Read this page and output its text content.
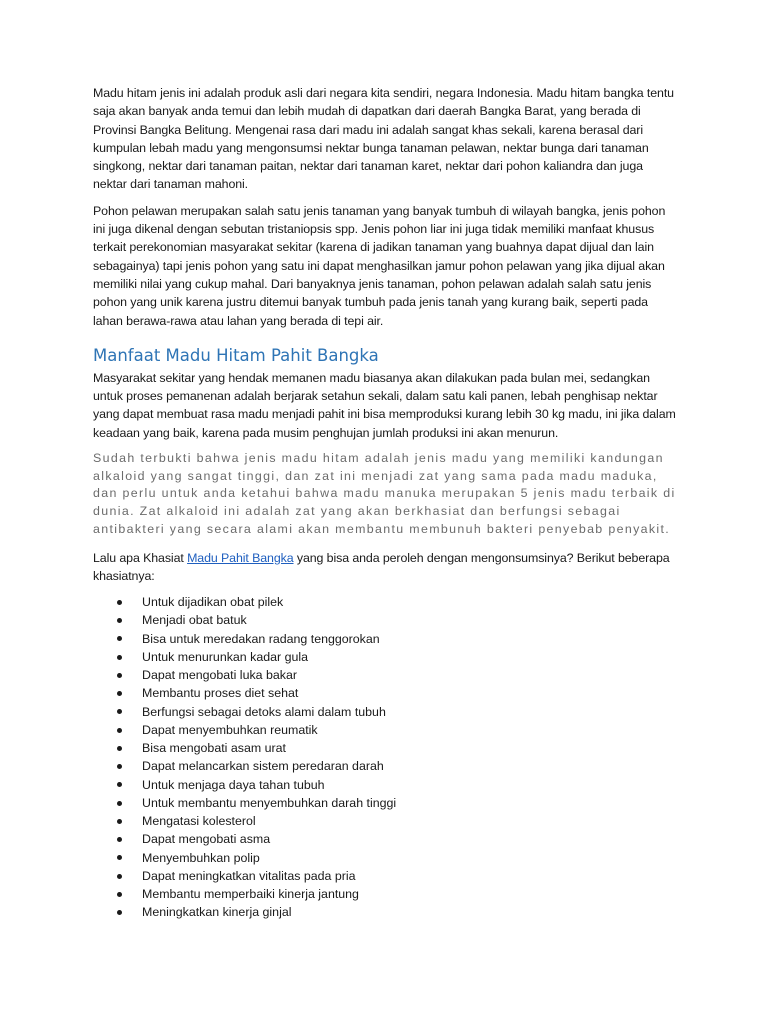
Madu hitam jenis ini adalah produk asli dari negara kita sendiri, negara Indonesia. Madu hitam bangka tentu saja akan banyak anda temui dan lebih mudah di dapatkan dari daerah Bangka Barat, yang berada di Provinsi Bangka Belitung. Mengenai rasa dari madu ini adalah sangat khas sekali, karena berasal dari kumpulan lebah madu yang mengonsumsi nektar bunga tanaman pelawan, nektar bunga dari tanaman singkong, nektar dari tanaman paitan, nektar dari tanaman karet, nektar dari pohon kaliandra dan juga nektar dari tanaman mahoni.

Pohon pelawan merupakan salah satu jenis tanaman yang banyak tumbuh di wilayah bangka, jenis pohon ini juga dikenal dengan sebutan tristaniopsis spp. Jenis pohon liar ini juga tidak memiliki manfaat khusus terkait perekonomian masyarakat sekitar (karena di jadikan tanaman yang buahnya dapat dijual dan lain sebagainya) tapi jenis pohon yang satu ini dapat menghasilkan jamur pohon pelawan yang jika dijual akan memiliki nilai yang cukup mahal. Dari banyaknya jenis tanaman, pohon pelawan adalah salah satu jenis pohon yang unik karena justru ditemui banyak tumbuh pada jenis tanah yang kurang baik, seperti pada lahan berawa-rawa atau lahan yang berada di tepi air.

Manfaat Madu Hitam Pahit Bangka

Masyarakat sekitar yang hendak memanen madu biasanya akan dilakukan pada bulan mei, sedangkan untuk proses pemanenan adalah berjarak setahun sekali, dalam satu kali panen, lebah penghisap nektar yang dapat membuat rasa madu menjadi pahit ini bisa memproduksi kurang lebih 30 kg madu, ini jika dalam keadaan yang baik, karena pada musim penghujan jumlah produksi ini akan menurun.

Sudah terbukti bahwa jenis madu hitam adalah jenis madu yang memiliki kandungan alkaloid yang sangat tinggi, dan zat ini menjadi zat yang sama pada madu maduka, dan perlu untuk anda ketahui bahwa madu manuka merupakan 5 jenis madu terbaik di dunia. Zat alkaloid ini adalah zat yang akan berkhasiat dan berfungsi sebagai antibakteri yang secara alami akan membantu membunuh bakteri penyebab penyakit.

Lalu apa Khasiat Madu Pahit Bangka yang bisa anda peroleh dengan mengonsumsinya? Berikut beberapa khasiatnya:

Untuk dijadikan obat pilek
Menjadi obat batuk
Bisa untuk meredakan radang tenggorokan
Untuk menurunkan kadar gula
Dapat mengobati luka bakar
Membantu proses diet sehat
Berfungsi sebagai detoks alami dalam tubuh
Dapat menyembuhkan reumatik
Bisa mengobati asam urat
Dapat melancarkan sistem peredaran darah
Untuk menjaga daya tahan tubuh
Untuk membantu menyembuhkan darah tinggi
Mengatasi kolesterol
Dapat mengobati asma
Menyembuhkan polip
Dapat meningkatkan vitalitas pada pria
Membantu memperbaiki kinerja jantung
Meningkatkan kinerja ginjal
